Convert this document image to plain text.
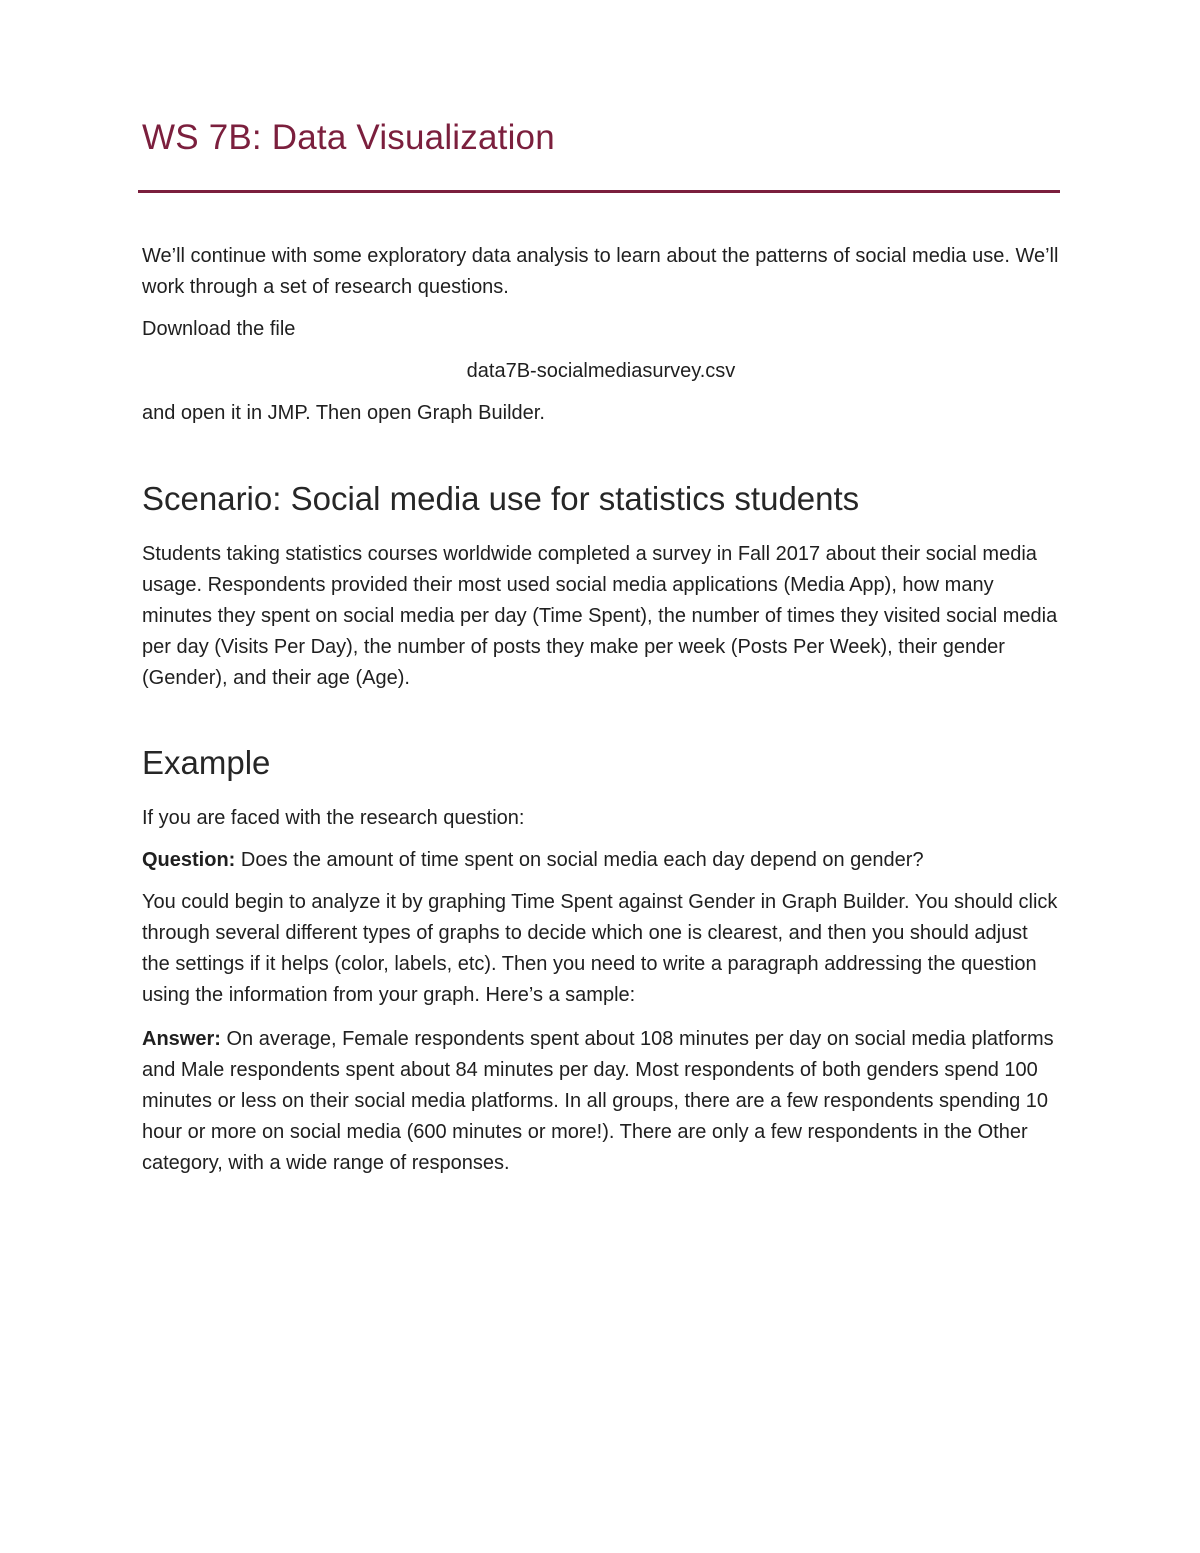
WS 7B: Data Visualization

We’ll continue with some exploratory data analysis to learn about the patterns of social media use. We’ll work through a set of research questions.

Download the file

data7B-socialmediasurvey.csv

and open it in JMP. Then open Graph Builder.

Scenario: Social media use for statistics students

Students taking statistics courses worldwide completed a survey in Fall 2017 about their social media usage. Respondents provided their most used social media applications (Media App), how many minutes they spent on social media per day (Time Spent), the number of times they visited social media per day (Visits Per Day), the number of posts they make per week (Posts Per Week), their gender (Gender), and their age (Age).

Example

If you are faced with the research question:

Question: Does the amount of time spent on social media each day depend on gender?

You could begin to analyze it by graphing Time Spent against Gender in Graph Builder. You should click through several different types of graphs to decide which one is clearest, and then you should adjust the settings if it helps (color, labels, etc). Then you need to write a paragraph addressing the question using the information from your graph. Here’s a sample:

Answer: On average, Female respondents spent about 108 minutes per day on social media platforms and Male respondents spent about 84 minutes per day. Most respondents of both genders spend 100 minutes or less on their social media platforms. In all groups, there are a few respondents spending 10 hour or more on social media (600 minutes or more!). There are only a few respondents in the Other category, with a wide range of responses.
